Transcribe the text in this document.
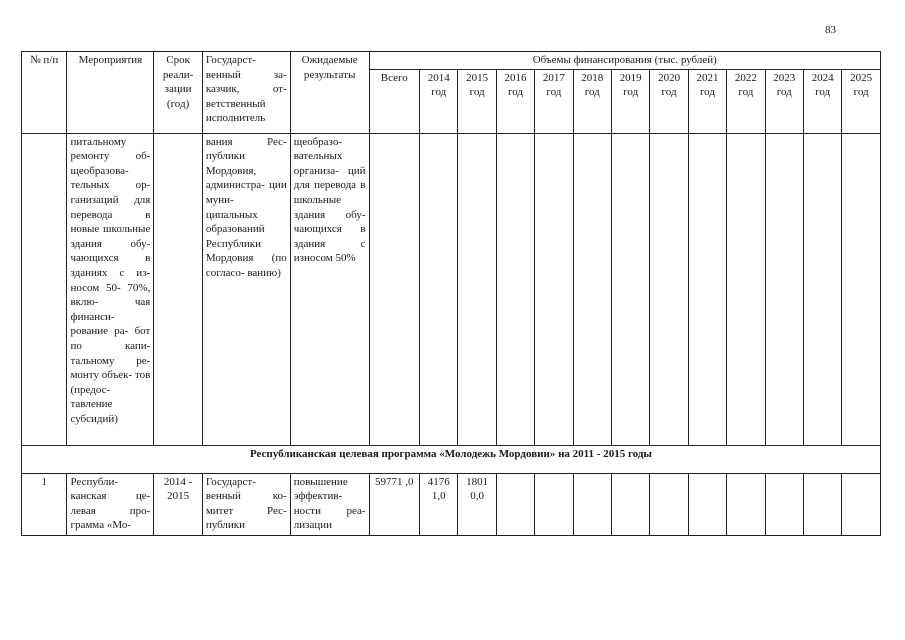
83
№ п/п	Мероприятия	Срок реали- зации (год)	Государст- венный за- казчик, от- ветственный исполнитель	Ожидаемые результаты	Объемы финансирования (тыс. рублей)												
					Всего	2014 год	2015 год	2016 год	2017 год	2018 год	2019 год	2020 год	2021 год	2022 год	2023 год	2024 год	2025 год
	питальному ремонту об- щеобразова- тельных ор- ганизаций для перевода в новые школьные здания обу- чающихся в зданиях с из- носом 50- 70%, вклю- чая финанси- рование ра- бот по капи- тальному ре- монту объек- тов (предос- тавление субсидий)		вания Рес- публики Мордовия, администра- ции муни- ципальных образований Республики Мордовия (по согласо- ванию)	щеобразо- вательных организа- ций для перевода в школьные здания обу- чающихся в здания с износом 50%													
Республиканская целевая программа «Молодежь Мордовии» на 2011 - 2015 годы																	
1	Республи- канская це- левая про- грамма «Мо-	2014 - 2015	Государст- венный ко- митет Рес- публики	повышение эффектив- ности реа- лизации	59771 ,0	4176 1,0	1801 0,0										
